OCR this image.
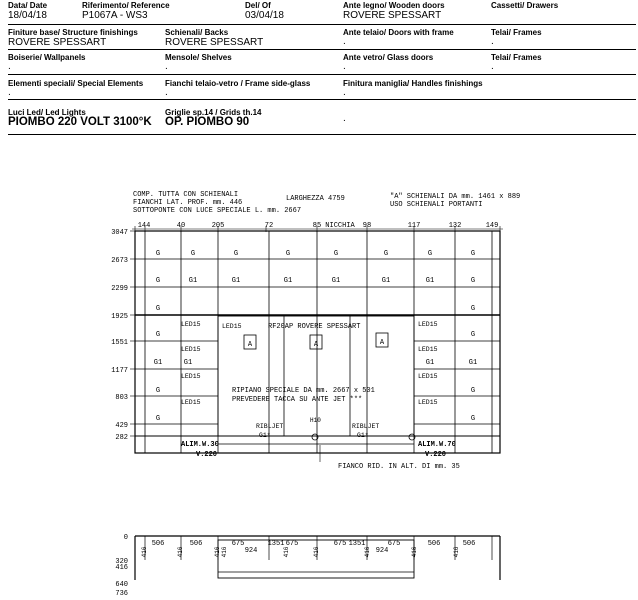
Data/ Date
18/04/18
Riferimento/ Reference
P1067A - WS3
Del/ Of
03/04/18
Ante legno/ Wooden doors
ROVERE SPESSART
Cassetti/ Drawers
Finiture base/ Structure finishings
ROVERE SPESSART
Schienali/ Backs
ROVERE SPESSART
Ante telaio/ Doors with frame
.
Telai/ Frames
.
Boiserie/ Wallpanels
.
Mensole/ Shelves
.
Ante vetro/ Glass doors
.
Telai/ Frames
.
Elementi speciali/ Special Elements
.
Fianchi telaio-vetro / Frame side-glass
.
Finitura maniglia/ Handles finishings
.
Luci Led/ Led Lights
PIOMBO 220 VOLT 3100°K
Griglie sp.14 / Grids th.14
OP. PIOMBO 90	.
COMP. TUTTA CON SCHIENALI
FIANCHI LAT. PROF. mm. 446
SOTTOPONTE CON LUCE SPECIALE L. mm. 2667
LARGHEZZA 4759	"A" SCHIENALI DA mm. 1461 x 889
USO SCHIENALI PORTANTI
144	40	205	72	85	98	117	132	149
NICCHIA
3047
2673
2299
1925
1551
1177
803
429
282
G	G	G	G	G	G	G	G
G	G1	G1	G1	G1	G1	G1	G
G
G
G1
G
G
G
G
G1
G
G
G1	G1
LED15
LED15
LED15
LED15
LED15
LED15
LED15
LED15
LED15	RF20AP ROVERE SPESSART
A	A	A
RIPIANO SPECIALE DA mm. 2667 x 501
PREVEDERE TACCA SU ANTE JET ***
RIBLJET
G1*
RIBLJET
G1*
H10
ALIM.W.30
V.220
ALIM.W.70
V.220
FIANCO RID. IN ALT. DI mm. 35
0
320
416
640
736
506	506	675	1351 675	675 1351	675	506	506
924	924
416	416	416 416	416	416	416	416	416
